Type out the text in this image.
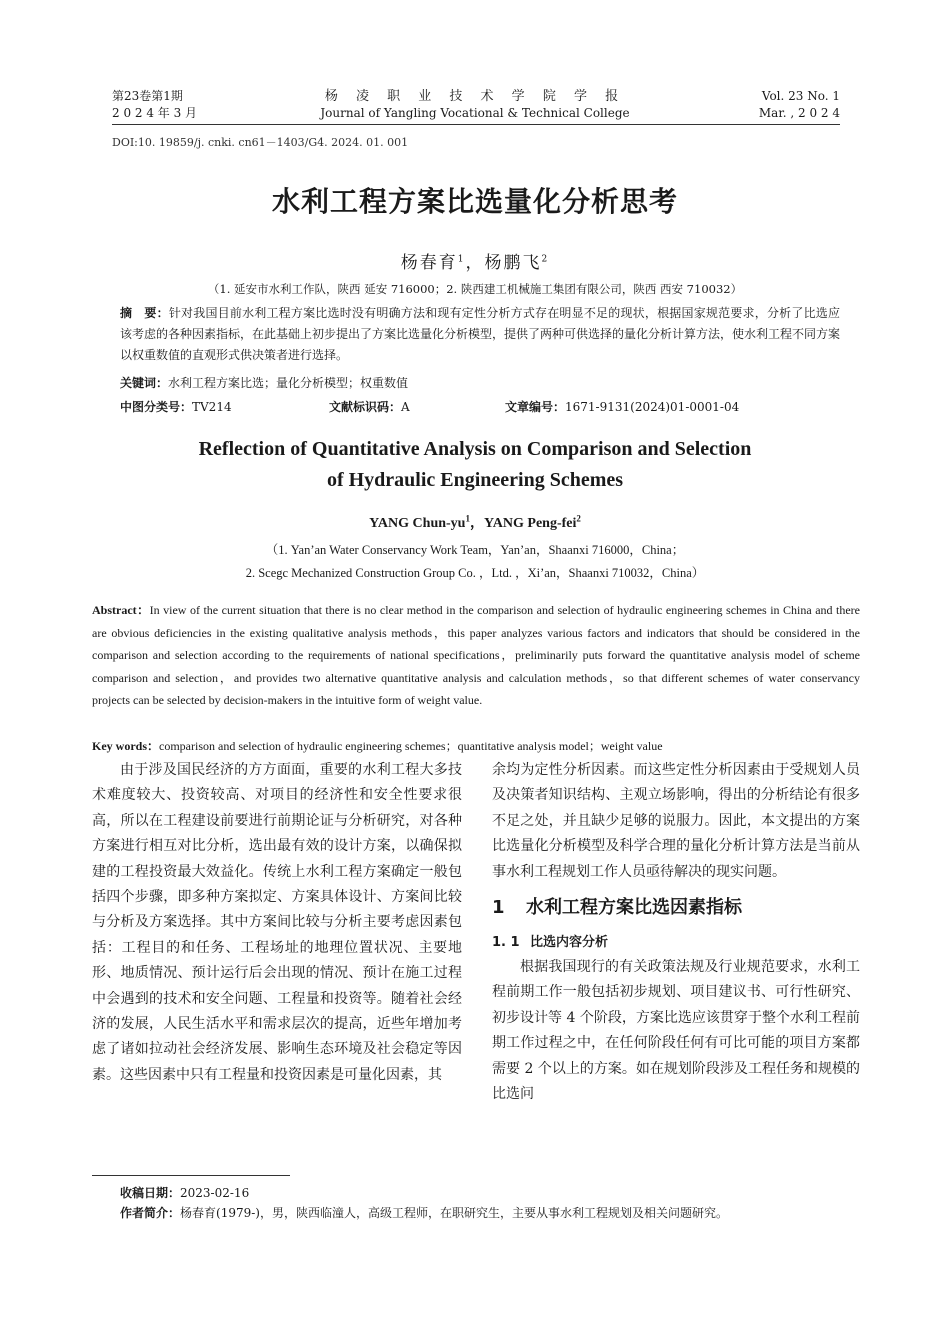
第23卷第1期
2 0 2 4 年 3 月
杨 凌 职 业 技 术 学 院 学 报
Journal of Yangling Vocational & Technical College
Vol. 23 No. 1
Mar. , 2 0 2 4
DOI:10. 19859/j. cnki. cn61－1403/G4. 2024. 01. 001
水利工程方案比选量化分析思考
杨春育$^1$，杨鹏飞$^2$
（1. 延安市水利工作队，陕西 延安 716000；2. 陕西建工机械施工集团有限公司，陕西 西安 710032）
摘　要：针对我国目前水利工程方案比选时没有明确方法和现有定性分析方式存在明显不足的现状，根据国家规范要求，分析了比选应该考虑的各种因素指标，在此基础上初步提出了方案比选量化分析模型，提供了两种可供选择的量化分析计算方法，使水利工程不同方案以权重数值的直观形式供决策者进行选择。
关键词：水利工程方案比选；量化分析模型；权重数值
中图分类号：TV214	文献标识码：A	文章编号：1671-9131(2024)01-0001-04
Reflection of Quantitative Analysis on Comparison and Selection
of Hydraulic Engineering Schemes
YANG Chun-$yu^1$，YANG Peng-fei$^2$
（1. Yan’an Water Conservancy Work Team，Yan’an，Shaanxi 716000，China；
2. Scegc Mechanized Construction Group Co. ，Ltd. ，Xi’an，Shaanxi 710032，China）
Abstract：In view of the current situation that there is no clear method in the comparison and selection of hydraulic engineering schemes in China and there are obvious deficiencies in the existing qualitative analysis methods，this paper analyzes various factors and indicators that should be considered in the comparison and selection according to the requirements of national specifications，preliminarily puts forward the quantitative analysis model of scheme comparison and selection，and provides two alternative quantitative analysis and calculation methods，so that different schemes of water conservancy projects can be selected by decision-makers in the intuitive form of weight value.
Key words：comparison and selection of hydraulic engineering schemes；quantitative analysis model；weight value
由于涉及国民经济的方方面面，重要的水利工程大多技术难度较大、投资较高、对项目的经济性和安全性要求很高，所以在工程建设前要进行前期论证与分析研究，对各种方案进行相互对比分析，选出最有效的设计方案，以确保拟建的工程投资最大效益化。传统上水利工程方案确定一般包括四个步骤，即多种方案拟定、方案具体设计、方案间比较与分析及方案选择。其中方案间比较与分析主要考虑因素包括：工程目的和任务、工程场址的地理位置状况、主要地形、地质情况、预计运行后会出现的情况、预计在施工过程中会遇到的技术和安全问题、工程量和投资等。随着社会经济的发展，人民生活水平和需求层次的提高，近些年增加考虑了诸如拉动社会经济发展、影响生态环境及社会稳定等因素。这些因素中只有工程量和投资因素是可量化因素，其

余均为定性分析因素。而这些定性分析因素由于受规划人员及决策者知识结构、主观立场影响，得出的分析结论有很多不足之处，并且缺少足够的说服力。因此，本文提出的方案比选量化分析模型及科学合理的量化分析计算方法是当前从事水利工程规划工作人员亟待解决的现实问题。

1 水利工程方案比选因素指标
1. 1 比选内容分析

根据我国现行的有关政策法规及行业规范要求，水利工程前期工作一般包括初步规划、项目建议书、可行性研究、初步设计等 4 个阶段，方案比选应该贯穿于整个水利工程前期工作过程之中，在任何阶段任何有可比可能的项目方案都需要 2 个以上的方案。如在规划阶段涉及工程任务和规模的比选问

收稿日期：2023-02-16
作者简介：杨春育(1979-)，男，陕西临潼人，高级工程师，在职研究生，主要从事水利工程规划及相关问题研究。
